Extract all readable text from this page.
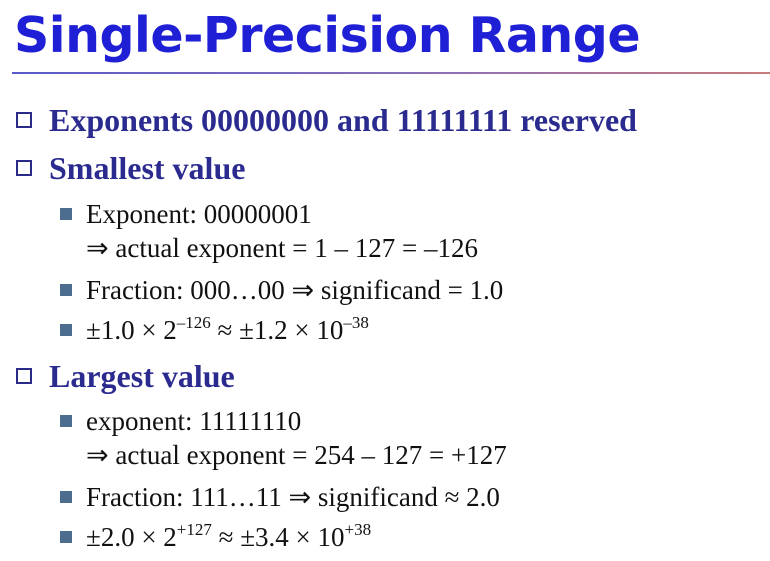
Single-Precision Range
Exponents 00000000 and 11111111 reserved
Smallest value
Exponent: 00000001
⇒ actual exponent = 1 – 127 = –126
Fraction: 000…00 ⇒ significand = 1.0
$\pm 1.0 \times 2^{-126} \approx \pm 1.2 \times 10^{-38}$
Largest value
exponent: 11111110
⇒ actual exponent = 254 – 127 = +127
Fraction: 111…11 ⇒ significand ≈ 2.0
$\pm 2.0 \times 2^{+127} \approx \pm 3.4 \times 10^{+38}$
